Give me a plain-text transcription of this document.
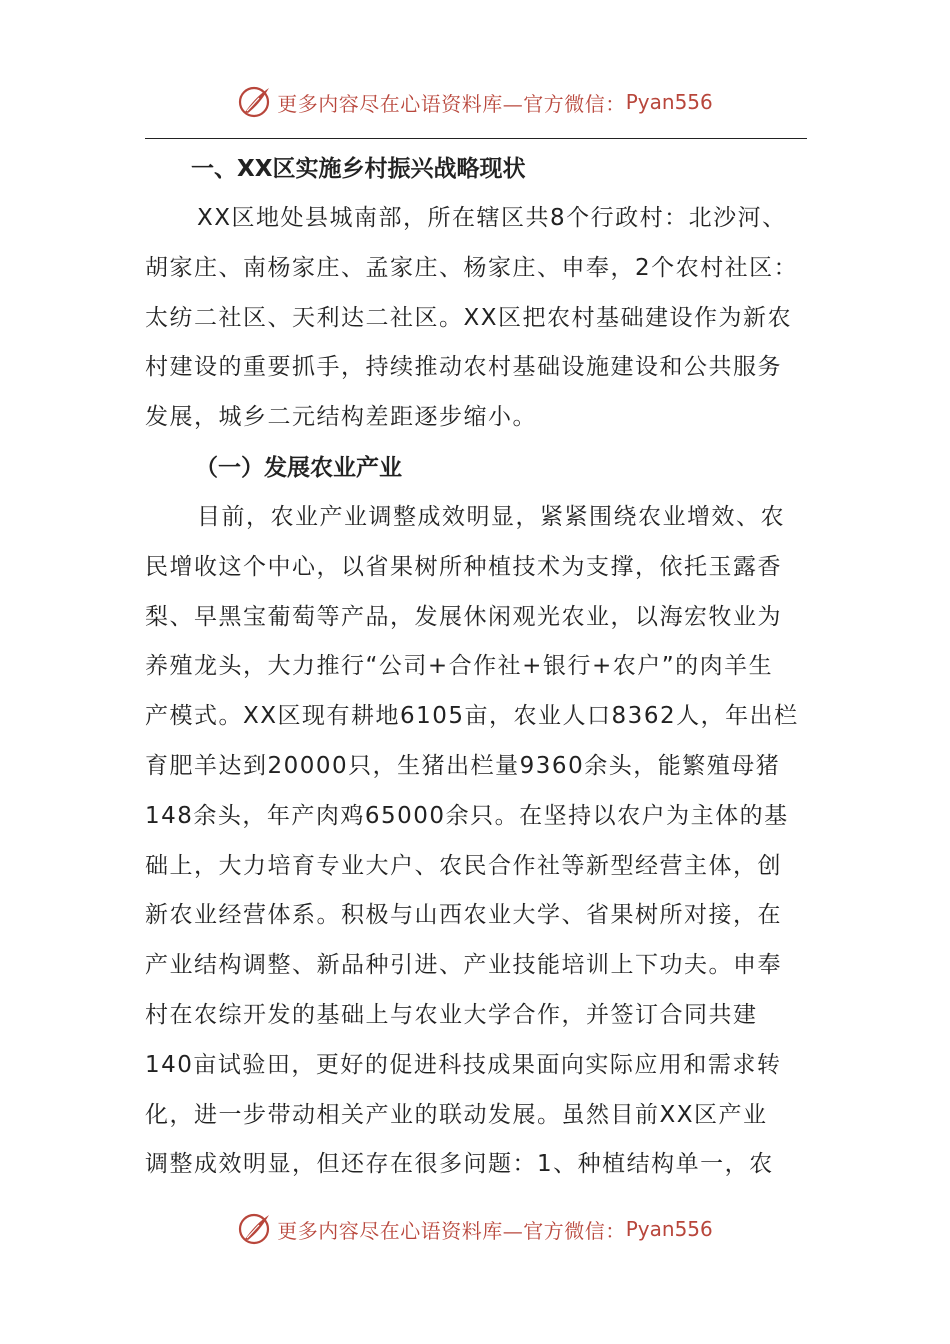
更多内容尽在心语资料库—官方微信： Pyan556
一、XX区实施乡村振兴战略现状
XX区地处县城南部，所在辖区共8个行政村：北沙河、
胡家庄、南杨家庄、孟家庄、杨家庄、申奉，2个农村社区：
太纺二社区、天利达二社区。XX区把农村基础建设作为新农
村建设的重要抓手，持续推动农村基础设施建设和公共服务
发展，城乡二元结构差距逐步缩小。
（一）发展农业产业
目前，农业产业调整成效明显，紧紧围绕农业增效、农
民增收这个中心，以省果树所种植技术为支撑，依托玉露香
梨、早黑宝葡萄等产品，发展休闲观光农业，以海宏牧业为
养殖龙头，大力推行“公司+合作社+银行+农户”的肉羊生
产模式。XX区现有耕地6105亩，农业人口8362人，年出栏
育肥羊达到20000只，生猪出栏量9360余头，能繁殖母猪
148余头，年产肉鸡65000余只。在坚持以农户为主体的基
础上，大力培育专业大户、农民合作社等新型经营主体，创
新农业经营体系。积极与山西农业大学、省果树所对接，在
产业结构调整、新品种引进、产业技能培训上下功夫。申奉
村在农综开发的基础上与农业大学合作，并签订合同共建
140亩试验田，更好的促进科技成果面向实际应用和需求转
化，进一步带动相关产业的联动发展。虽然目前XX区产业
调整成效明显，但还存在很多问题：1、种植结构单一，农
更多内容尽在心语资料库—官方微信： Pyan556
